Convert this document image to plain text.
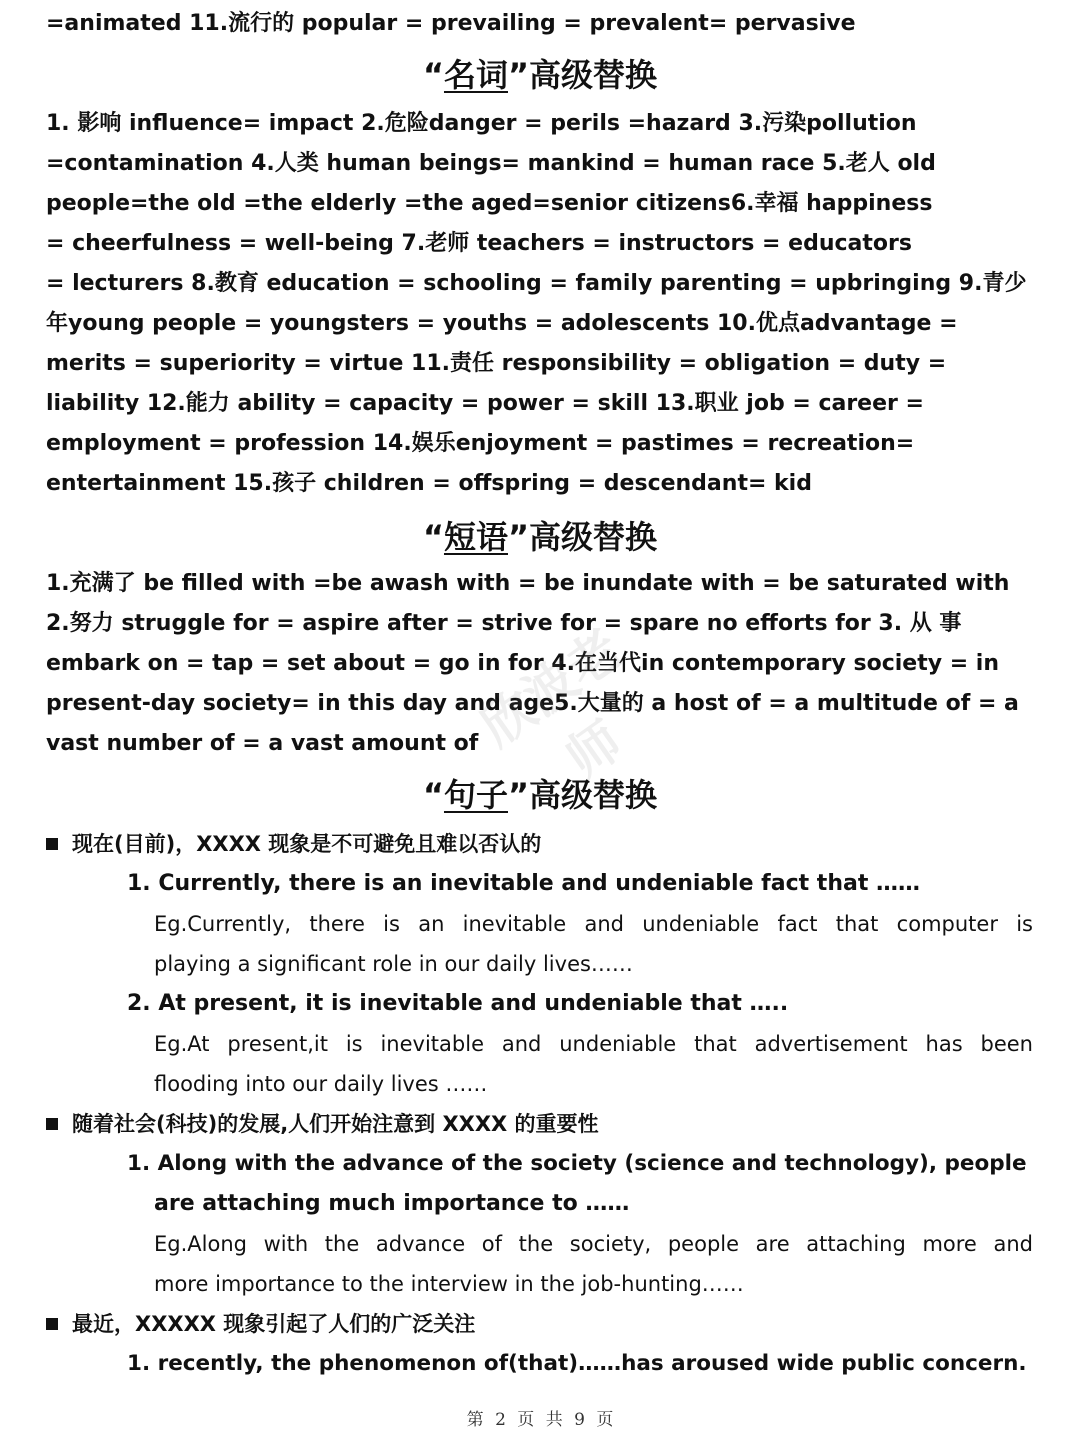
=animated 11.流行的 popular = prevailing = prevalent= pervasive
“名词”高级替换
1. 影响 influence= impact 2.危险danger = perils =hazard 3.污染pollution
=contamination 4.人类 human beings= mankind = human race 5.老人 old
people=the old =the elderly =the aged=senior citizens6.幸福 happiness
= cheerfulness = well-being 7.老师 teachers = instructors = educators
= lecturers 8.教育 education = schooling = family parenting = upbringing 9.青少
年young people = youngsters = youths = adolescents 10.优点advantage =
merits = superiority = virtue 11.责任 responsibility = obligation = duty =
liability 12.能力 ability = capacity = power = skill 13.职业 job = career =
employment = profession 14.娱乐enjoyment = pastimes = recreation=
entertainment 15.孩子 children = offspring = descendant= kid
“短语”高级替换
1.充满了 be filled with =be awash with = be inundate with = be saturated with
2.努力 struggle for = aspire after = strive for = spare no efforts for 3. 从 事
embark on = tap = set about = go in for 4.在当代in contemporary society = in
present-day society= in this day and age5.大量的 a host of = a multitude of = a
vast number of = a vast amount of
欣波老师
“句子”高级替换
现在(目前)，XXXX 现象是不可避免且难以否认的
1. Currently, there is an inevitable and undeniable fact that ……
Eg.Currently, there is an inevitable and undeniable fact that computer is
playing a significant role in our daily lives……
2. At present, it is inevitable and undeniable that …..
Eg.At present,it is inevitable and undeniable that advertisement has been
flooding into our daily lives ……
随着社会(科技)的发展,人们开始注意到 XXXX 的重要性
1. Along with the advance of the society (science and technology), people
are attaching much importance to ……
Eg.Along with the advance of the society, people are attaching more and
more importance to the interview in the job-hunting……
最近，XXXXX 现象引起了人们的广泛关注
1. recently, the phenomenon of(that)……has aroused wide public concern.
第 2 页 共 9 页
